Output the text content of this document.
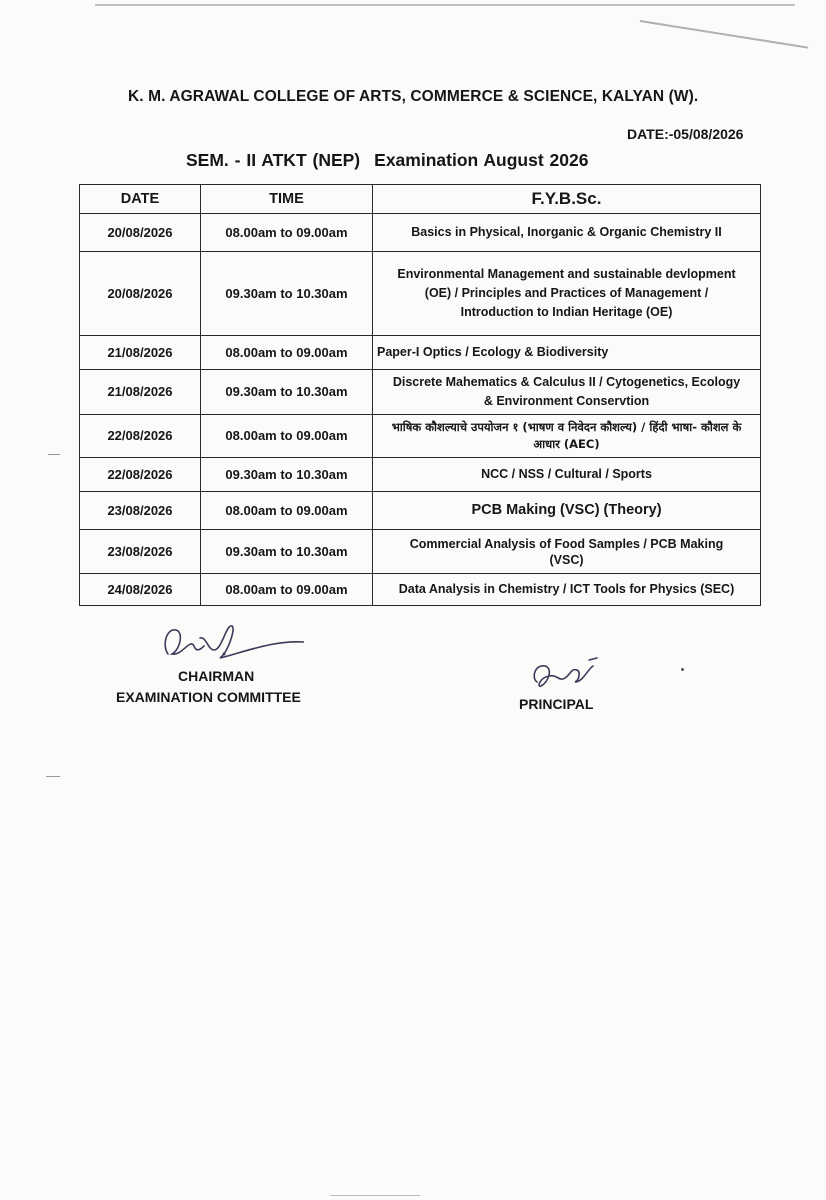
K. M. AGRAWAL COLLEGE OF ARTS, COMMERCE & SCIENCE, KALYAN (W).
DATE:-05/08/2026
SEM. - II ATKT (NEP) Examination August 2026
DATE	TIME	F.Y.B.Sc.
20/08/2026	08.00am to 09.00am	Basics in Physical, Inorganic & Organic Chemistry II
20/08/2026	09.30am to 10.30am	Environmental Management and sustainable devlopment (OE) / Principles and Practices of Management / Introduction to Indian Heritage (OE)
21/08/2026	08.00am to 09.00am	Paper-I Optics / Ecology & Biodiversity
21/08/2026	09.30am to 10.30am	Discrete Mahematics & Calculus II / Cytogenetics, Ecology & Environment Conservtion
22/08/2026	08.00am to 09.00am	भाषिक कौशल्याचे उपयोजन १ (भाषण व निवेदन कौशल्य) / हिंदी भाषा- कौशल के आधार (AEC)
22/08/2026	09.30am to 10.30am	NCC / NSS / Cultural / Sports
23/08/2026	08.00am to 09.00am	PCB Making (VSC) (Theory)
23/08/2026	09.30am to 10.30am	Commercial Analysis of Food Samples / PCB Making (VSC)
24/08/2026	08.00am to 09.00am	Data Analysis in Chemistry / ICT Tools for Physics (SEC)
CHAIRMAN
EXAMINATION COMMITTEE	PRINCIPAL
